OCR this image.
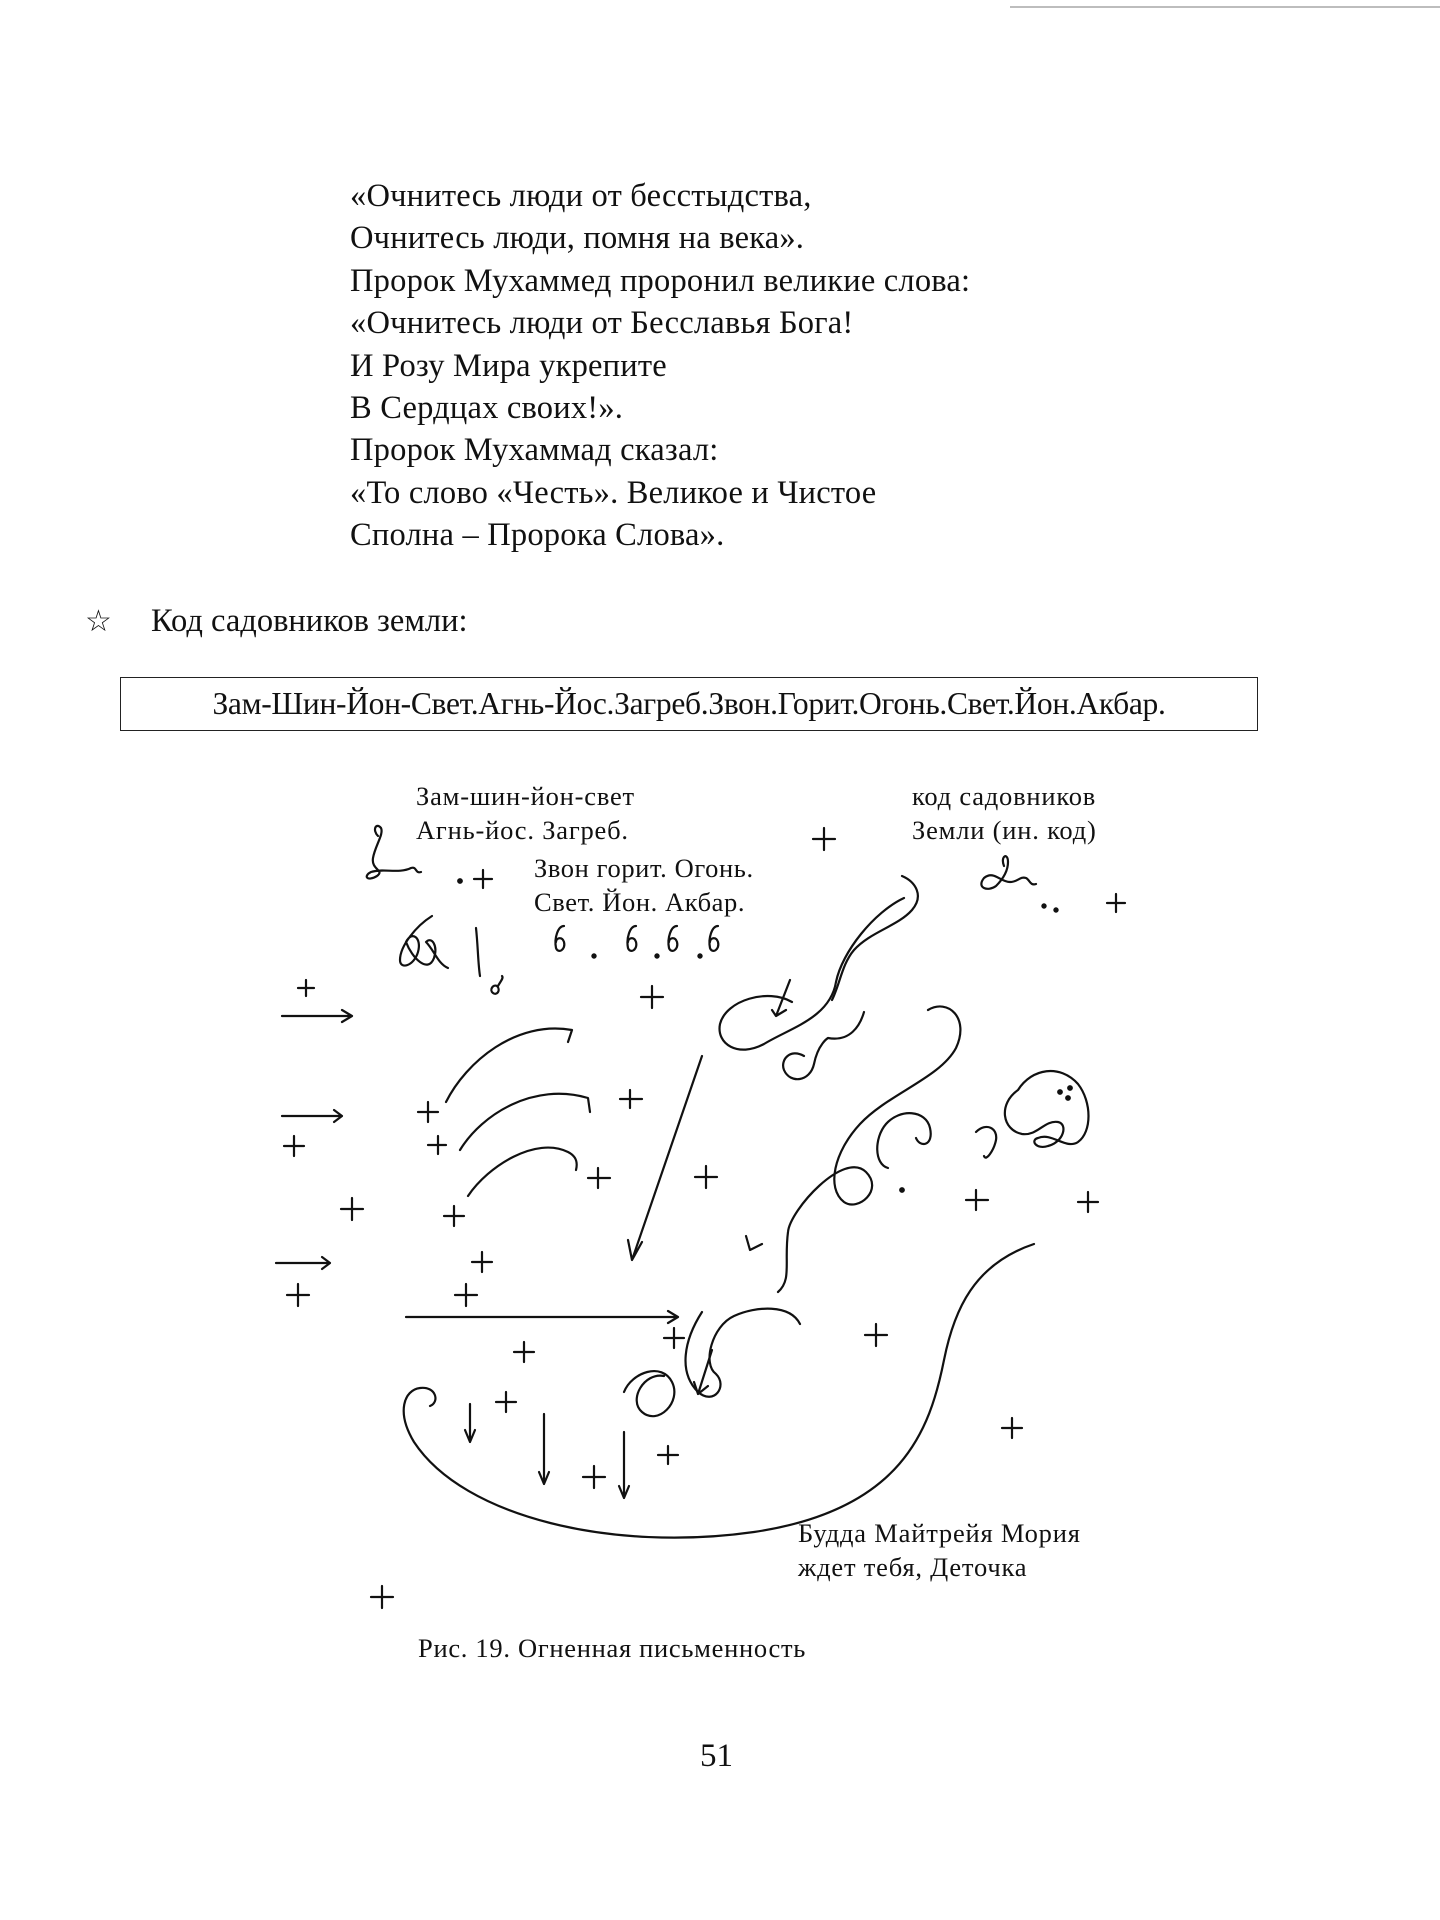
«Очнитесь люди от бесстыдства,
Очнитесь люди, помня на века».
Пророк Мухаммед проронил великие слова:
«Очнитесь люди от Бесславья Бога!
И Розу Мира укрепите
В Сердцах своих!».
Пророк Мухаммад сказал:
«То слово «Честь». Великое и Чистое
Сполна – Пророка Слова».
☆ Код садовников земли:
Зам-Шин-Йон-Свет.Агнь-Йос.Загреб.Звон.Горит.Огонь.Свет.Йон.Акбар.
Зам-шин-йон-свет
Агнь-йос. Загреб.
Звон горит. Огонь.
Свет. Йон. Акбар.
код садовников
Земли (ин. код)
Будда Майтрейя Мория
ждет тебя, Деточка
Рис. 19. Огненная письменность
51
